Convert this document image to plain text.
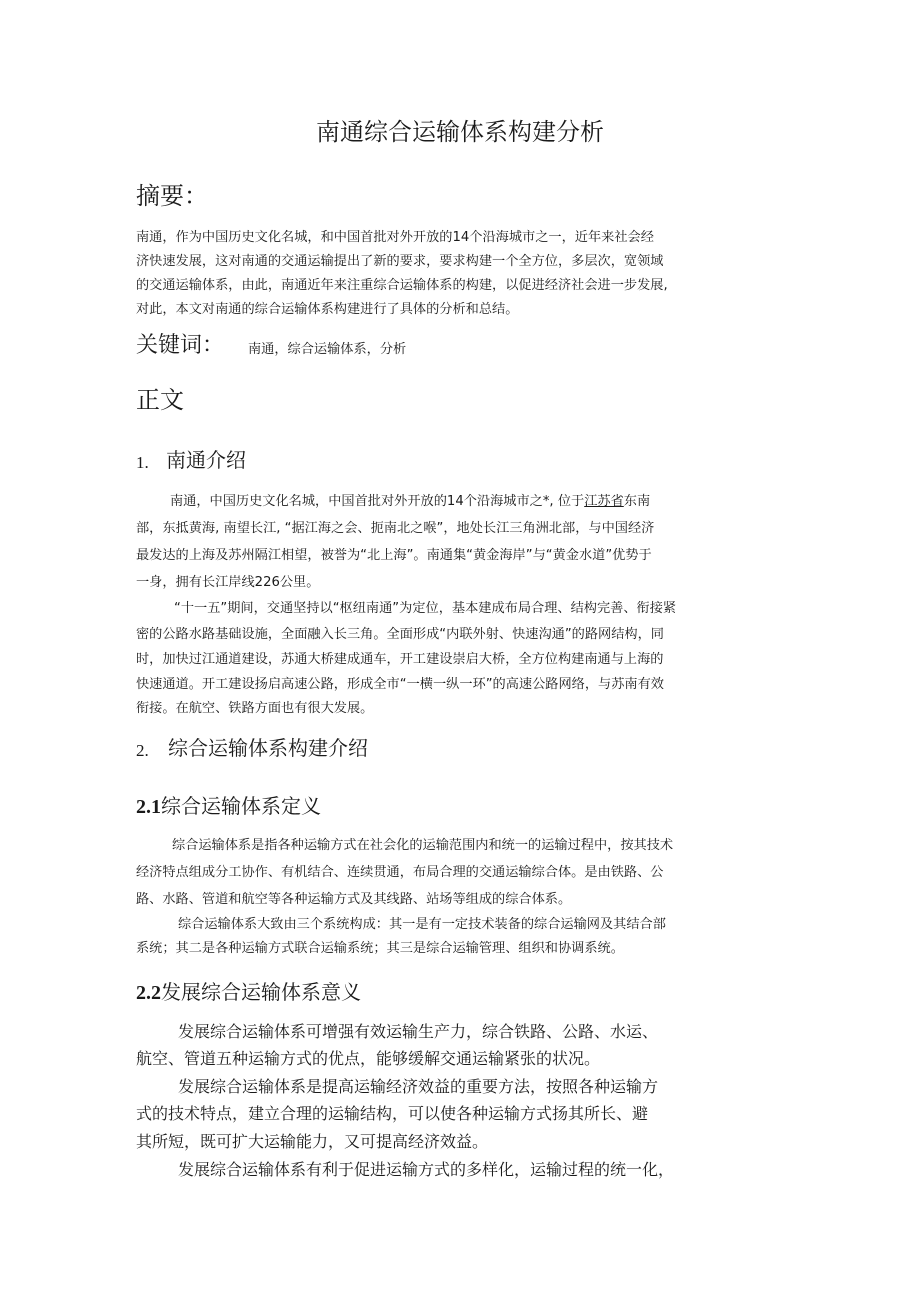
南通综合运输体系构建分析
摘要：
南通，作为中国历史文化名城，和中国首批对外开放的14个沿海城市之一，近年来社会经
济快速发展，这对南通的交通运输提出了新的要求，要求构建一个全方位，多层次，宽领域
的交通运输体系，由此，南通近年来注重综合运输体系的构建，以促进经济社会进一步发展,
对此，本文对南通的综合运输体系构建进行了具体的分析和总结。
关键词： 南通，综合运输体系，分析
正文
1. 南通介绍
南通，中国历史文化名城，中国首批对外开放的14个沿海城市之*, 位于江苏省东南
部，东抵黄海, 南望长江, “据江海之会、扼南北之喉”，地处长江三角洲北部，与中国经济
最发达的上海及苏州隔江相望，被誉为“北上海”。南通集“黄金海岸”与“黄金水道”优势于
一身，拥有长江岸线226公里。
“十一五”期间，交通坚持以“枢纽南通”为定位，基本建成布局合理、结构完善、衔接紧
密的公路水路基础设施，全面融入长三角。全面形成“内联外射、快速沟通”的路网结构，同
时，加快过江通道建设，苏通大桥建成通车，开工建设崇启大桥，全方位构建南通与上海的
快速通道。开工建设扬启高速公路，形成全市“一横一纵一环”的高速公路网络，与苏南有效
衔接。在航空、铁路方面也有很大发展。
2. 综合运输体系构建介绍
2.1综合运输体系定义
综合运输体系是指各种运输方式在社会化的运输范围内和统一的运输过程中，按其技术
经济特点组成分工协作、有机结合、连续贯通，布局合理的交通运输综合体。是由铁路、公
路、水路、管道和航空等各种运输方式及其线路、站场等组成的综合体系。
综合运输体系大致由三个系统构成：其一是有一定技术装备的综合运输网及其结合部
系统；其二是各种运输方式联合运输系统；其三是综合运输管理、组织和协调系统。
2.2发展综合运输体系意义
发展综合运输体系可增强有效运输生产力，综合铁路、公路、水运、
航空、管道五种运输方式的优点，能够缓解交通运输紧张的状况。
发展综合运输体系是提高运输经济效益的重要方法，按照各种运输方
式的技术特点，建立合理的运输结构，可以使各种运输方式扬其所长、避
其所短，既可扩大运输能力，又可提高经济效益。
发展综合运输体系有利于促进运输方式的多样化，运输过程的统一化，
